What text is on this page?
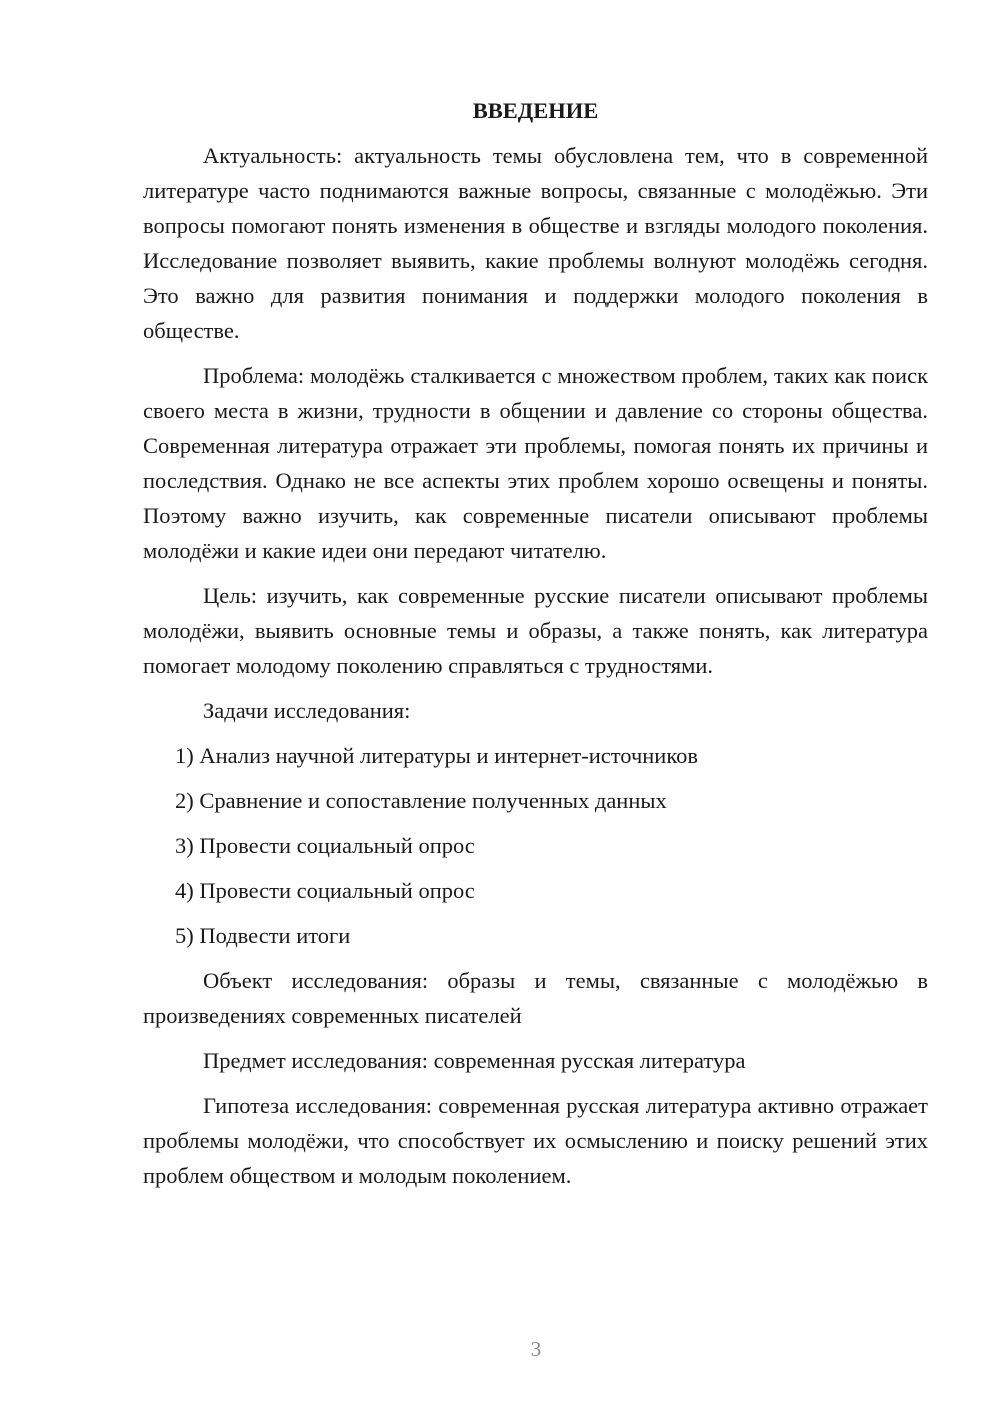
ВВЕДЕНИЕ

Актуальность: актуальность темы обусловлена тем, что в современной литературе часто поднимаются важные вопросы, связанные с молодёжью. Эти вопросы помогают понять изменения в обществе и взгляды молодого поколения. Исследование позволяет выявить, какие проблемы волнуют молодёжь сегодня. Это важно для развития понимания и поддержки молодого поколения в обществе.

Проблема: молодёжь сталкивается с множеством проблем, таких как поиск своего места в жизни, трудности в общении и давление со стороны общества. Современная литература отражает эти проблемы, помогая понять их причины и последствия. Однако не все аспекты этих проблем хорошо освещены и поняты. Поэтому важно изучить, как современные писатели описывают проблемы молодёжи и какие идеи они передают читателю.

Цель: изучить, как современные русские писатели описывают проблемы молодёжи, выявить основные темы и образы, а также понять, как литература помогает молодому поколению справляться с трудностями.

Задачи исследования:

1) Анализ научной литературы и интернет-источников

2) Сравнение и сопоставление полученных данных

3) Провести социальный опрос

4) Провести социальный опрос

5) Подвести итоги

Объект исследования: образы и темы, связанные с молодёжью в произведениях современных писателей

Предмет исследования: современная русская литература

Гипотеза исследования: современная русская литература активно отражает проблемы молодёжи, что способствует их осмыслению и поиску решений этих проблем обществом и молодым поколением.

3
